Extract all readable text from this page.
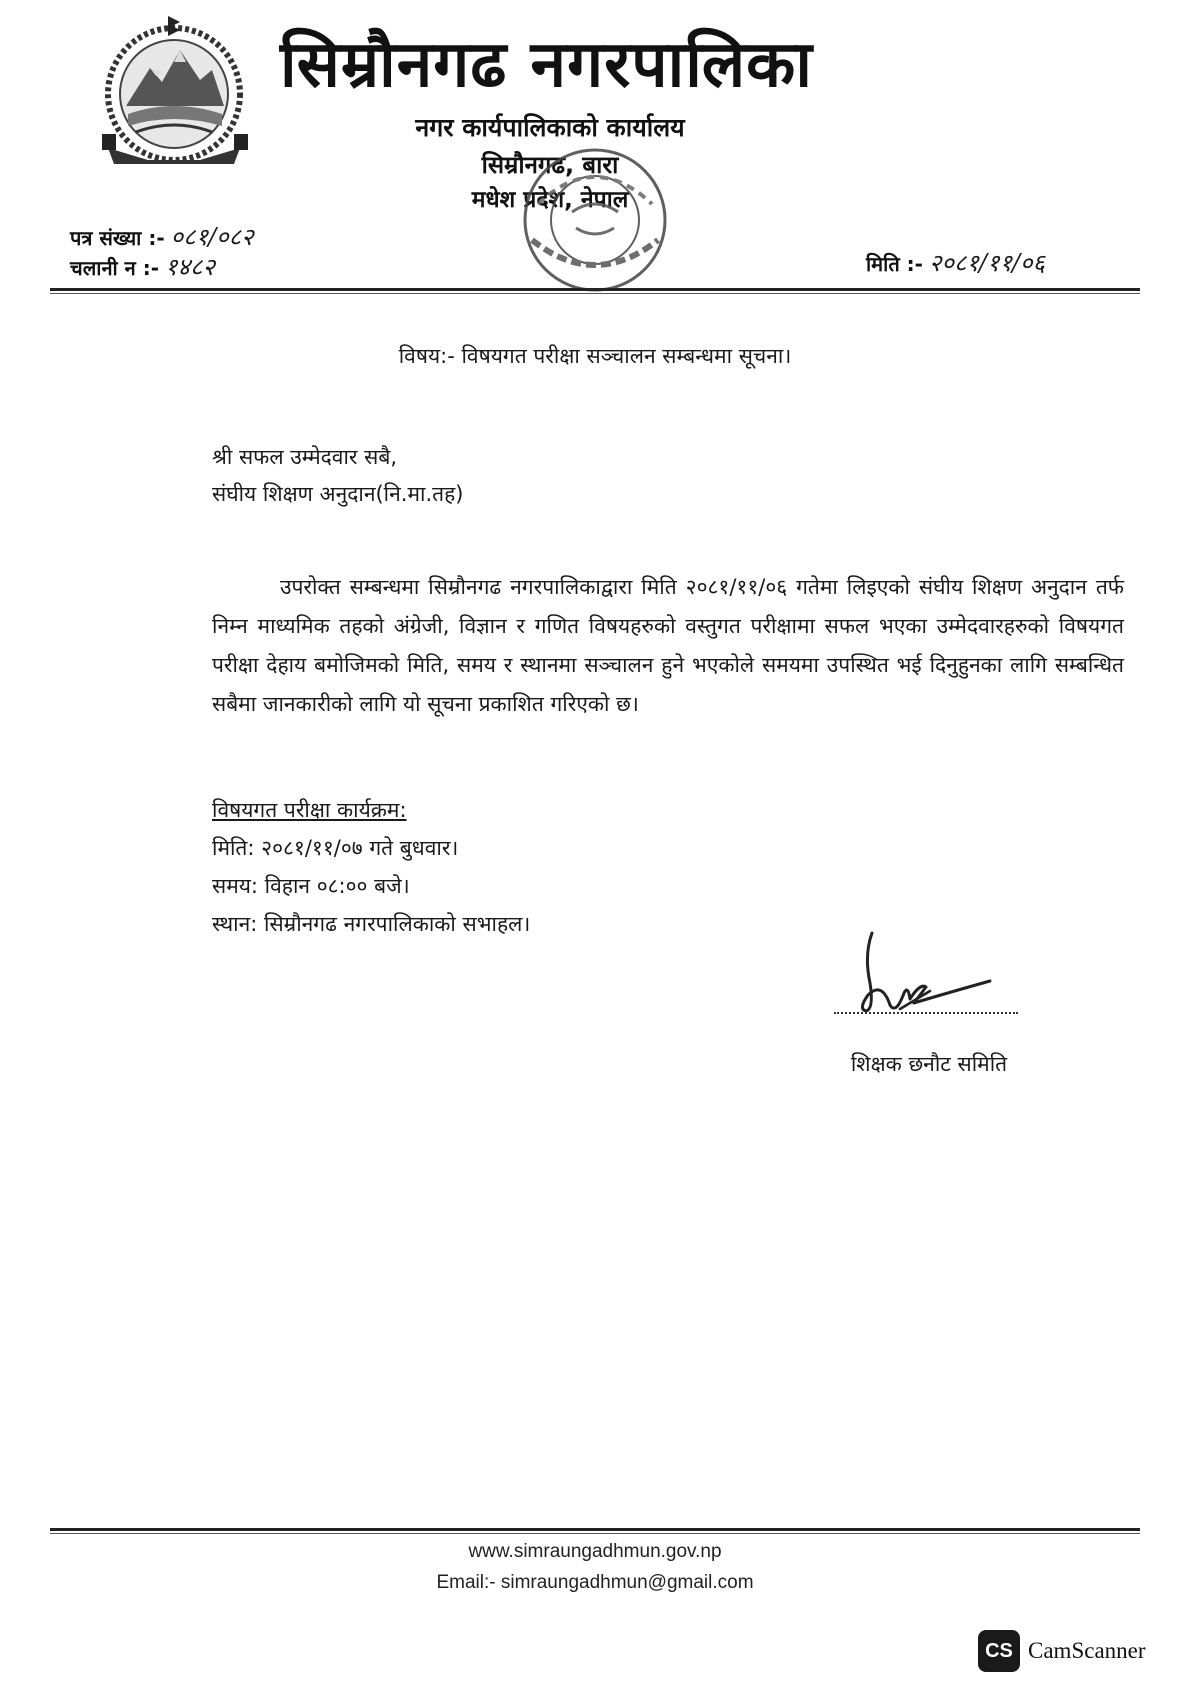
सिम्रौनगढ नगरपालिका
नगर कार्यपालिकाको कार्यालय
सिम्रौनगढ, बारा
मधेश प्रदेश, नेपाल
पत्र संख्या :- ०८१/०८२
चलानी न :- १४८२	मिति :- २०८१/११/०६
विषय:- विषयगत परीक्षा सञ्चालन सम्बन्धमा सूचना।
श्री सफल उम्मेदवार सबै,
संघीय शिक्षण अनुदान(नि.मा.तह)
उपरोक्त सम्बन्धमा सिम्रौनगढ नगरपालिकाद्वारा मिति २०८१/११/०६ गतेमा लिइएको संघीय शिक्षण अनुदान तर्फ निम्न माध्यमिक तहको अंग्रेजी, विज्ञान र गणित विषयहरुको वस्तुगत परीक्षामा सफल भएका उम्मेदवारहरुको विषयगत परीक्षा देहाय बमोजिमको मिति, समय र स्थानमा सञ्चालन हुने भएकोले समयमा उपस्थित भई दिनुहुनका लागि सम्बन्धित सबैमा जानकारीको लागि यो सूचना प्रकाशित गरिएको छ।
विषयगत परीक्षा कार्यक्रम:
मिति: २०८१/११/०७ गते बुधवार।
समय: विहान ०८:०० बजे।
स्थान: सिम्रौनगढ नगरपालिकाको सभाहल।
शिक्षक छनौट समिति
www.simraungadhmun.gov.np
Email:- simraungadhmun@gmail.com
CS CamScanner
